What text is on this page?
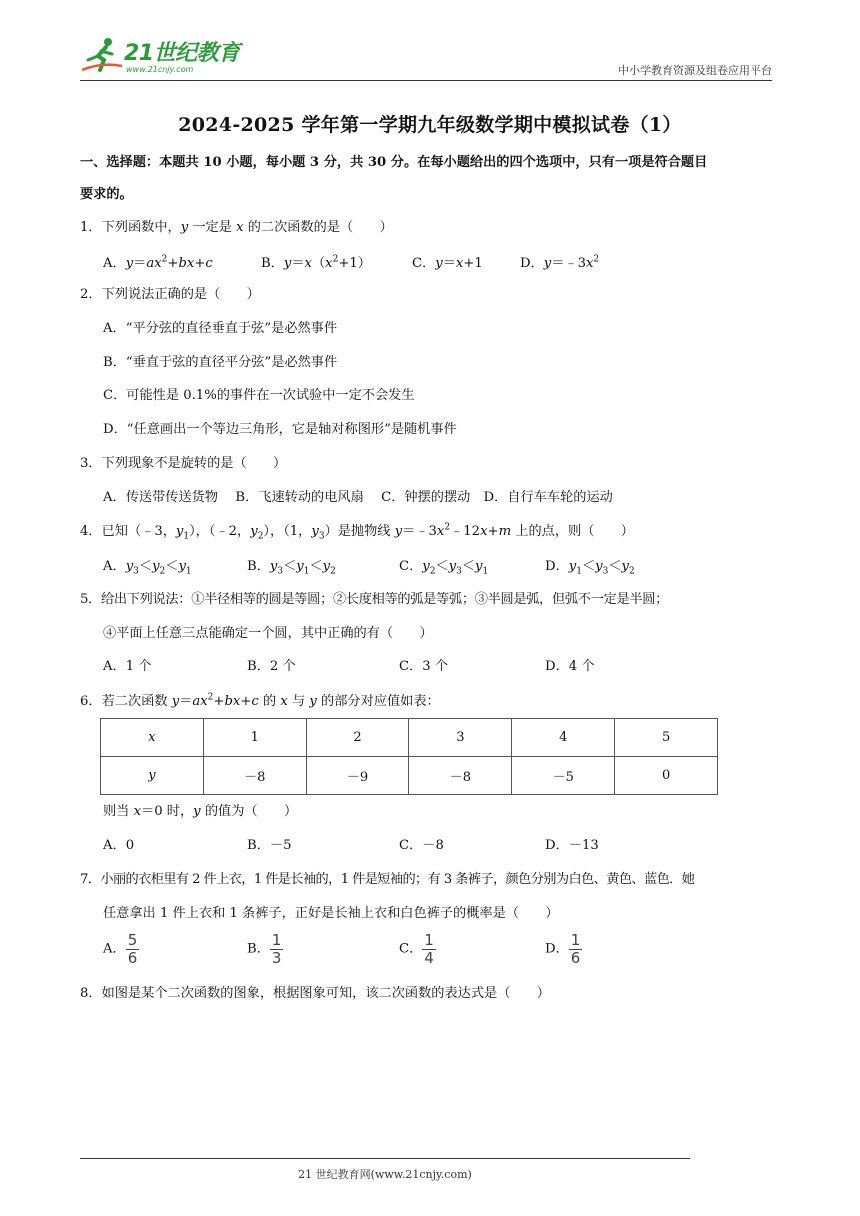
21世纪教育
www.21cnjy.com	中小学教育资源及组卷应用平台
2024-2025 学年第一学期九年级数学期中模拟试卷（1）
一、选择题：本题共 10 小题，每小题 3 分，共 30 分。在每小题给出的四个选项中，只有一项是符合题目
要求的。
1．下列函数中，y 一定是 x 的二次函数的是（　　）
A．$y=ax^2+bx+c$	B．$y=x(x^2+1)$	C．y＝x+1	D．$y=﹣3x^2$
2．下列说法正确的是（　　）
A．“平分弦的直径垂直于弦”是必然事件
B．“垂直于弦的直径平分弦”是必然事件
C．可能性是 0.1%的事件在一次试验中一定不会发生
D．“任意画出一个等边三角形，它是轴对称图形”是随机事件
3．下列现象不是旋转的是（　　）
A．传送带传送货物　 B．飞速转动的电风扇　 C．钟摆的摆动　D．自行车车轮的运动
4．已知（﹣3，$y_1$），（﹣2，$y_2$），（1，$y_3$）是抛物线 $y=﹣3x^2﹣12x+m$ 上的点，则（　　）
A．$y_3<y_2<y_1$	B．$y_3<y_1<y_2$	C．$y_2<y_3<y_1$	D．$y_1<y_3<y_2$
5．给出下列说法：①半径相等的圆是等圆；②长度相等的弧是等弧；③半圆是弧，但弧不一定是半圆；
④平面上任意三点能确定一个圆，其中正确的有（　　）
A．1 个	B．2 个	C．3 个	D．4 个
6．若二次函数 $y=ax^2+bx+c$ 的 x 与 y 的部分对应值如表：
x	1	2	3	4	5
y	－8	－9	－8	－5	0
则当 x＝0 时，y 的值为（　　）
A．0	B．－5	C．－8	D．－13
7．小丽的衣柜里有 2 件上衣，1 件是长袖的，1 件是短袖的；有 3 条裤子，颜色分别为白色、黄色、蓝色．她
任意拿出 1 件上衣和 1 条裤子，正好是长袖上衣和白色裤子的概率是（　　）
A． $\frac{5}{6}$	B． $\frac{1}{3}$	C． $\frac{1}{4}$	D． $\frac{1}{6}$
8．如图是某个二次函数的图象，根据图象可知，该二次函数的表达式是（　　）
21 世纪教育网(www.21cnjy.com)
